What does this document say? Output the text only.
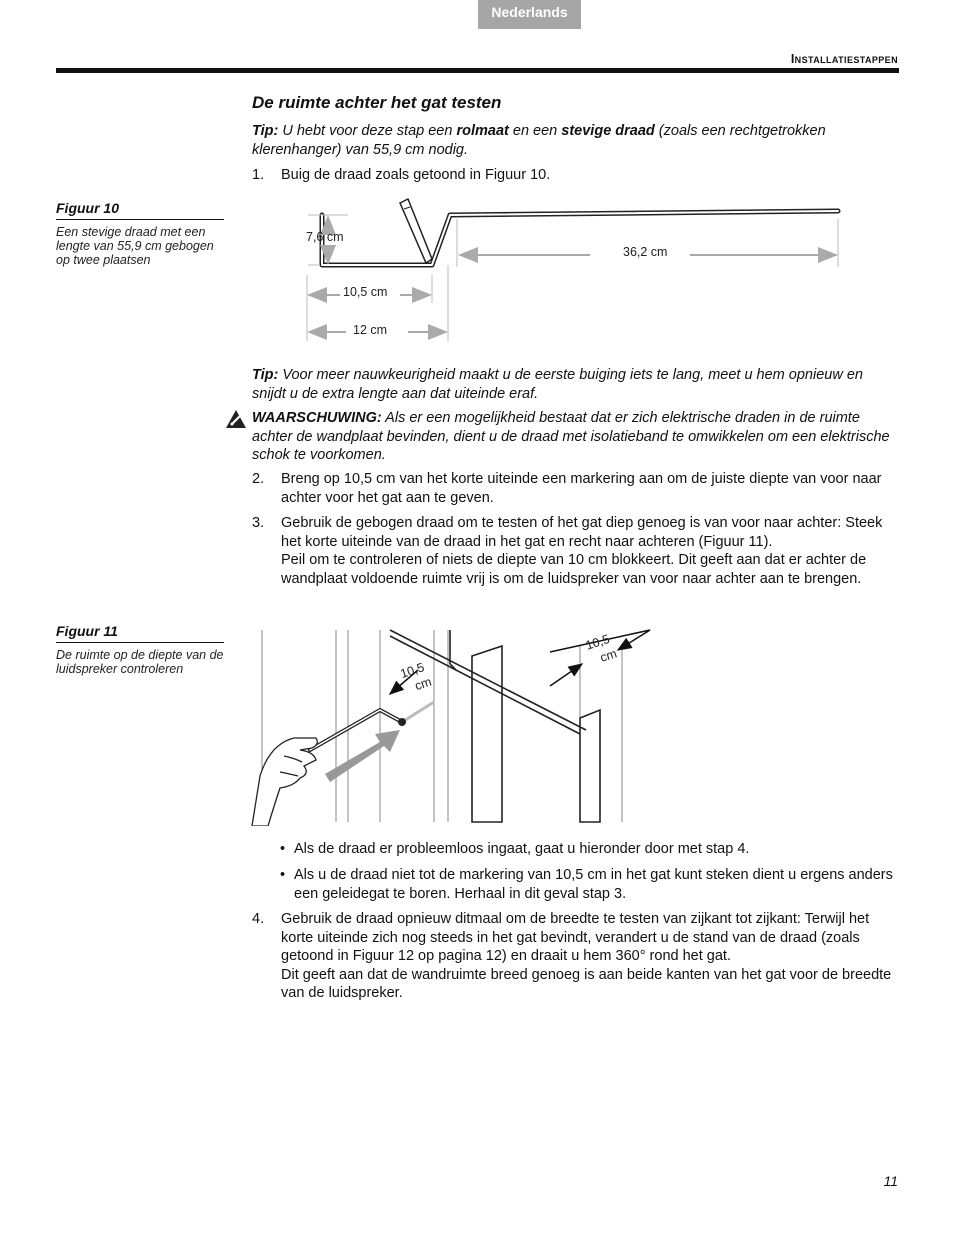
Nederlands
Installatiestappen
De ruimte achter het gat testen
Tip: U hebt voor deze stap een rolmaat en een stevige draad (zoals een rechtgetrokken klerenhanger) van 55,9 cm nodig.
1. Buig de draad zoals getoond in Figuur 10.
Figuur 10
Een stevige draad met een lengte van 55,9 cm gebogen op twee plaatsen
7,6 cm
36,2 cm
10,5 cm
12 cm
Tip: Voor meer nauwkeurigheid maakt u de eerste buiging iets te lang, meet u hem opnieuw en snijdt u de extra lengte aan dat uiteinde eraf.
WAARSCHUWING: Als er een mogelijkheid bestaat dat er zich elektrische draden in de ruimte achter de wandplaat bevinden, dient u de draad met isolatieband te omwikkelen om een elektrische schok te voorkomen.
2. Breng op 10,5 cm van het korte uiteinde een markering aan om de juiste diepte van voor naar achter voor het gat aan te geven.
3. Gebruik de gebogen draad om te testen of het gat diep genoeg is van voor naar achter: Steek het korte uiteinde van de draad in het gat en recht naar achteren (Figuur 11).
Peil om te controleren of niets de diepte van 10 cm blokkeert. Dit geeft aan dat er achter de wandplaat voldoende ruimte vrij is om de luidspreker van voor naar achter aan te brengen.
Figuur 11
De ruimte op de diepte van de luidspreker controleren	10,5
cm
10,5
cm
• Als de draad er probleemloos ingaat, gaat u hieronder door met stap 4.
• Als u de draad niet tot de markering van 10,5 cm in het gat kunt steken dient u ergens anders een geleidegat te boren. Herhaal in dit geval stap 3.
4. Gebruik de draad opnieuw ditmaal om de breedte te testen van zijkant tot zijkant: Terwijl het korte uiteinde zich nog steeds in het gat bevindt, verandert u de stand van de draad (zoals getoond in Figuur 12 op pagina 12) en draait u hem 360° rond het gat.
Dit geeft aan dat de wandruimte breed genoeg is aan beide kanten van het gat voor de breedte van de luidspreker.
11
